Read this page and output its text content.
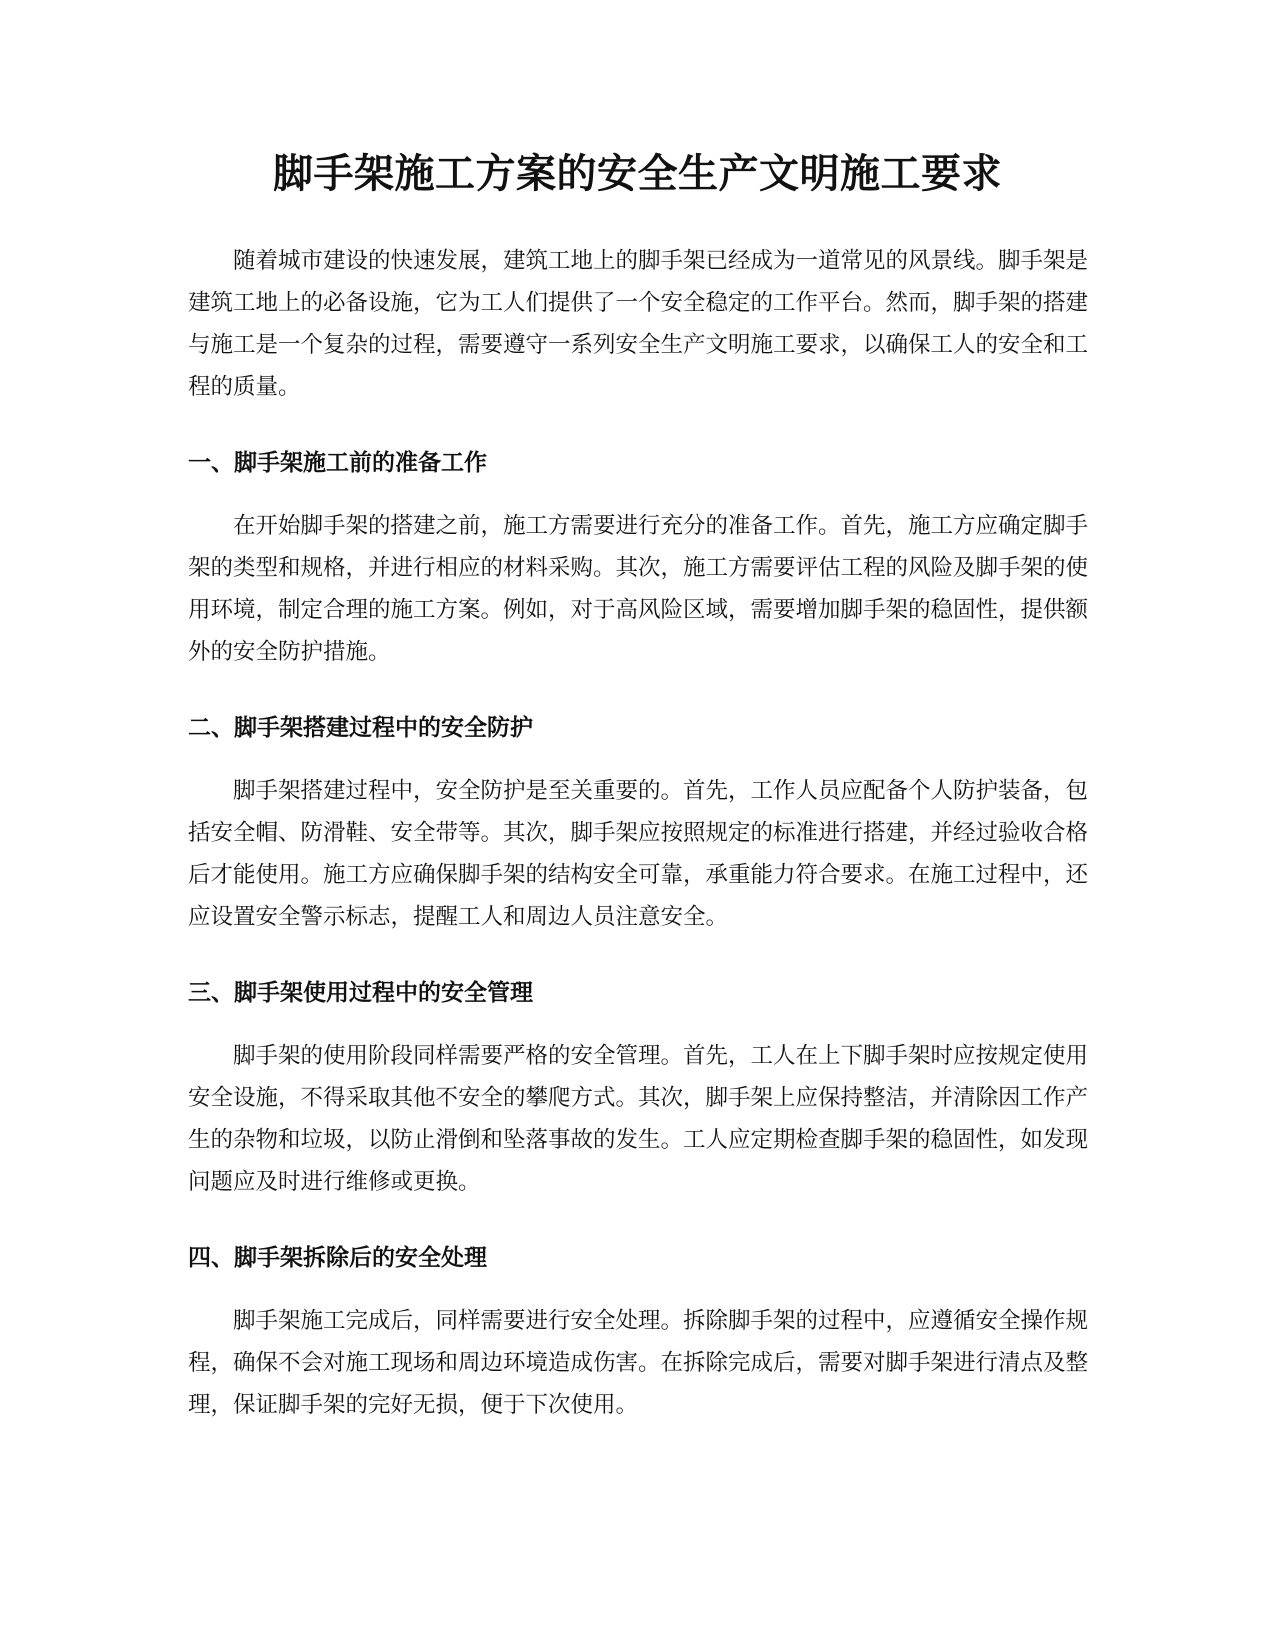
脚手架施工方案的安全生产文明施工要求

随着城市建设的快速发展，建筑工地上的脚手架已经成为一道常见的风景线。脚手架是建筑工地上的必备设施，它为工人们提供了一个安全稳定的工作平台。然而，脚手架的搭建与施工是一个复杂的过程，需要遵守一系列安全生产文明施工要求，以确保工人的安全和工程的质量。

一、脚手架施工前的准备工作

在开始脚手架的搭建之前，施工方需要进行充分的准备工作。首先，施工方应确定脚手架的类型和规格，并进行相应的材料采购。其次，施工方需要评估工程的风险及脚手架的使用环境，制定合理的施工方案。例如，对于高风险区域，需要增加脚手架的稳固性，提供额外的安全防护措施。

二、脚手架搭建过程中的安全防护

脚手架搭建过程中，安全防护是至关重要的。首先，工作人员应配备个人防护装备，包括安全帽、防滑鞋、安全带等。其次，脚手架应按照规定的标准进行搭建，并经过验收合格后才能使用。施工方应确保脚手架的结构安全可靠，承重能力符合要求。在施工过程中，还应设置安全警示标志，提醒工人和周边人员注意安全。

三、脚手架使用过程中的安全管理

脚手架的使用阶段同样需要严格的安全管理。首先，工人在上下脚手架时应按规定使用安全设施，不得采取其他不安全的攀爬方式。其次，脚手架上应保持整洁，并清除因工作产生的杂物和垃圾，以防止滑倒和坠落事故的发生。工人应定期检查脚手架的稳固性，如发现问题应及时进行维修或更换。

四、脚手架拆除后的安全处理

脚手架施工完成后，同样需要进行安全处理。拆除脚手架的过程中，应遵循安全操作规程，确保不会对施工现场和周边环境造成伤害。在拆除完成后，需要对脚手架进行清点及整理，保证脚手架的完好无损，便于下次使用。
